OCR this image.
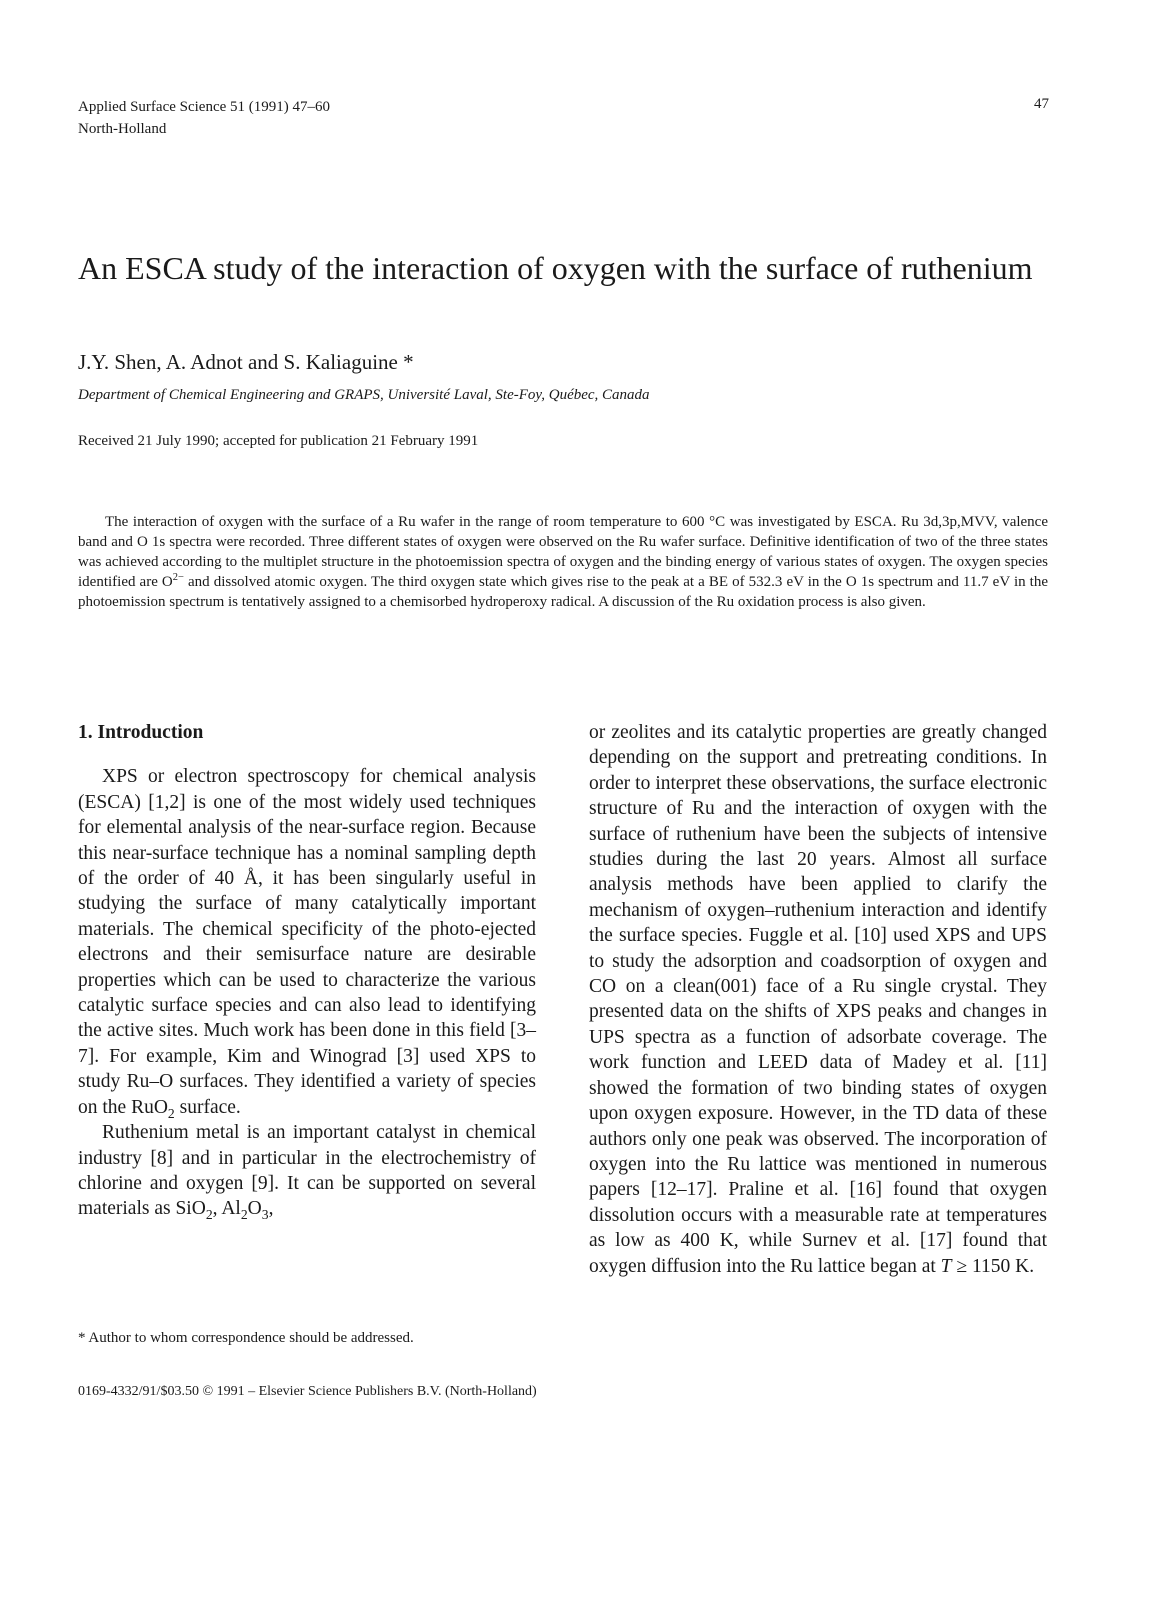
Applied Surface Science 51 (1991) 47–60
North-Holland
47
An ESCA study of the interaction of oxygen with the surface of ruthenium
J.Y. Shen, A. Adnot and S. Kaliaguine *
Department of Chemical Engineering and GRAPS, Université Laval, Ste-Foy, Québec, Canada
Received 21 July 1990; accepted for publication 21 February 1991

The interaction of oxygen with the surface of a Ru wafer in the range of room temperature to 600 °C was investigated by ESCA. Ru 3d,3p,MVV, valence band and O 1s spectra were recorded. Three different states of oxygen were observed on the Ru wafer surface. Definitive identification of two of the three states was achieved according to the multiplet structure in the photoemission spectra of oxygen and the binding energy of various states of oxygen. The oxygen species identified are $O^{2-}$ and dissolved atomic oxygen. The third oxygen state which gives rise to the peak at a BE of 532.3 eV in the O 1s spectrum and 11.7 eV in the photoemission spectrum is tentatively assigned to a chemisorbed hydroperoxy radical. A discussion of the Ru oxidation process is also given.

1. Introduction

XPS or electron spectroscopy for chemical analysis (ESCA) [1,2] is one of the most widely used techniques for elemental analysis of the near-surface region. Because this near-surface technique has a nominal sampling depth of the order of 40 Å, it has been singularly useful in studying the surface of many catalytically important materials. The chemical specificity of the photo-ejected electrons and their semisurface nature are desirable properties which can be used to characterize the various catalytic surface species and can also lead to identifying the active sites. Much work has been done in this field [3–7]. For example, Kim and Winograd [3] used XPS to study Ru–O surfaces. They identified a variety of species on the RuO$_2$ surface.

Ruthenium metal is an important catalyst in chemical industry [8] and in particular in the electrochemistry of chlorine and oxygen [9]. It can be supported on several materials as SiO$_2$, $Al_2O_3$,

or zeolites and its catalytic properties are greatly changed depending on the support and pretreating conditions. In order to interpret these observations, the surface electronic structure of Ru and the interaction of oxygen with the surface of ruthenium have been the subjects of intensive studies during the last 20 years. Almost all surface analysis methods have been applied to clarify the mechanism of oxygen–ruthenium interaction and identify the surface species. Fuggle et al. [10] used XPS and UPS to study the adsorption and coadsorption of oxygen and CO on a clean(001) face of a Ru single crystal. They presented data on the shifts of XPS peaks and changes in UPS spectra as a function of adsorbate coverage. The work function and LEED data of Madey et al. [11] showed the formation of two binding states of oxygen upon oxygen exposure. However, in the TD data of these authors only one peak was observed. The incorporation of oxygen into the Ru lattice was mentioned in numerous papers [12–17]. Praline et al. [16] found that oxygen dissolution occurs with a measurable rate at temperatures as low as 400 K, while Surnev et al. [17] found that oxygen diffusion into the Ru lattice began at T ≥ 1150 K.

* Author to whom correspondence should be addressed.
0169-4332/91/$03.50 © 1991 – Elsevier Science Publishers B.V. (North-Holland)
